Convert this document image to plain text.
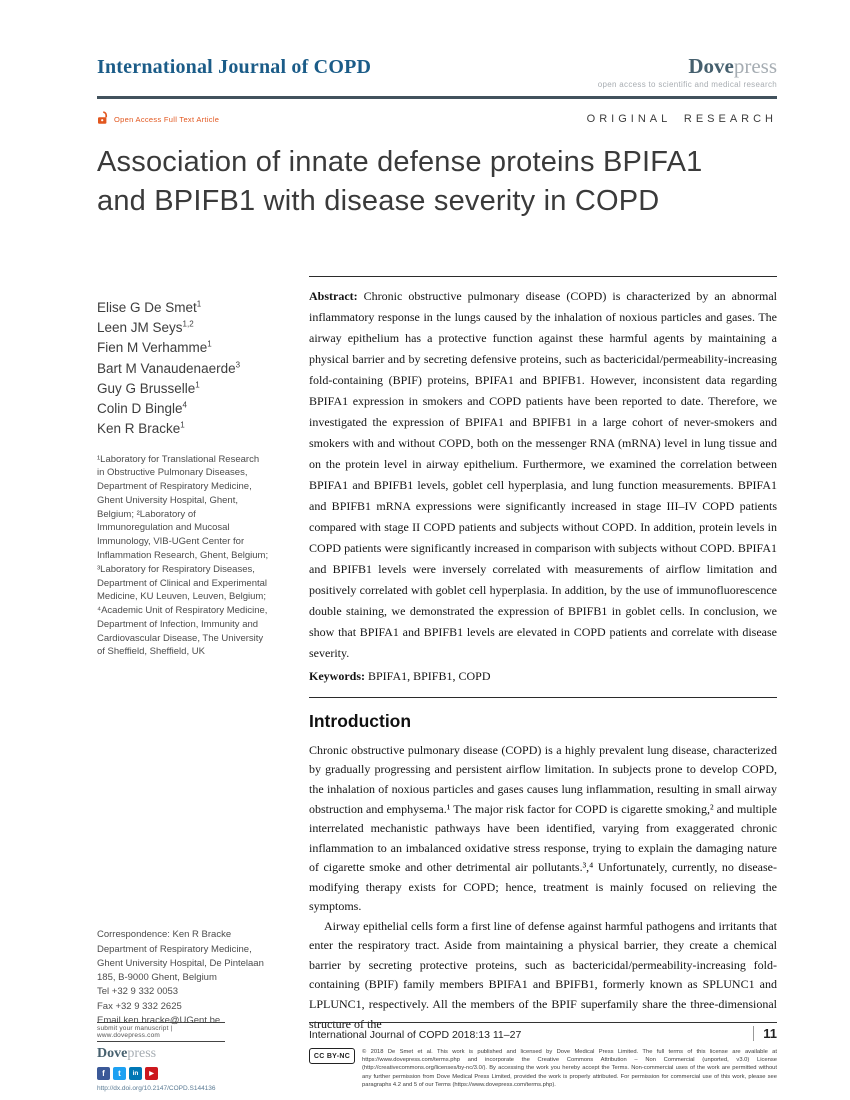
International Journal of COPD	Dovepress
open access to scientific and medical research
Open Access Full Text Article	ORIGINAL RESEARCH
Association of innate defense proteins BPIFA1 and BPIFB1 with disease severity in COPD
Elise G De Smet$^1$
Leen JM Seys$^{1,2}$
Fien M Verhamme$^1$
Bart M Vanaudenaerde$^3$
Guy G Brusselle$^1$
Colin D Bingle$^4$
Ken R Bracke$^1$
¹Laboratory for Translational Research in Obstructive Pulmonary Diseases, Department of Respiratory Medicine, Ghent University Hospital, Ghent, Belgium; ²Laboratory of Immunoregulation and Mucosal Immunology, VIB-UGent Center for Inflammation Research, Ghent, Belgium; ³Laboratory for Respiratory Diseases, Department of Clinical and Experimental Medicine, KU Leuven, Leuven, Belgium; ⁴Academic Unit of Respiratory Medicine, Department of Infection, Immunity and Cardiovascular Disease, The University of Sheffield, Sheffield, UK
Correspondence: Ken R Bracke
Department of Respiratory Medicine, Ghent University Hospital, De Pintelaan 185, B-9000 Ghent, Belgium
Tel +32 9 332 0053
Fax +32 9 332 2625
Email ken.bracke@UGent.be

Abstract: Chronic obstructive pulmonary disease (COPD) is characterized by an abnormal inflammatory response in the lungs caused by the inhalation of noxious particles and gases. The airway epithelium has a protective function against these harmful agents by maintaining a physical barrier and by secreting defensive proteins, such as bactericidal/permeability-increasing fold-containing (BPIF) proteins, BPIFA1 and BPIFB1. However, inconsistent data regarding BPIFA1 expression in smokers and COPD patients have been reported to date. Therefore, we investigated the expression of BPIFA1 and BPIFB1 in a large cohort of never-smokers and smokers with and without COPD, both on the messenger RNA (mRNA) level in lung tissue and on the protein level in airway epithelium. Furthermore, we examined the correlation between BPIFA1 and BPIFB1 levels, goblet cell hyperplasia, and lung function measurements. BPIFA1 and BPIFB1 mRNA expressions were significantly increased in stage III–IV COPD patients compared with stage II COPD patients and subjects without COPD. In addition, protein levels in COPD patients were significantly increased in comparison with subjects without COPD. BPIFA1 and BPIFB1 levels were inversely correlated with measurements of airflow limitation and positively correlated with goblet cell hyperplasia. In addition, by the use of immunofluorescence double staining, we demonstrated the expression of BPIFB1 in goblet cells. In conclusion, we show that BPIFA1 and BPIFB1 levels are elevated in COPD patients and correlate with disease severity.

Keywords: BPIFA1, BPIFB1, COPD

Introduction

Chronic obstructive pulmonary disease (COPD) is a highly prevalent lung disease, characterized by gradually progressing and persistent airflow limitation. In subjects prone to develop COPD, the inhalation of noxious particles and gases causes lung inflammation, resulting in small airway obstruction and emphysema.¹ The major risk factor for COPD is cigarette smoking,² and multiple interrelated mechanistic pathways have been identified, varying from exaggerated chronic inflammation to an imbalanced oxidative stress response, trying to explain the damaging nature of cigarette smoke and other detrimental air pollutants.³,⁴ Unfortunately, currently, no disease-modifying therapy exists for COPD; hence, treatment is mainly focused on relieving the symptoms.

Airway epithelial cells form a first line of defense against harmful pathogens and irritants that enter the respiratory tract. Aside from maintaining a physical barrier, they create a chemical barrier by secreting protective proteins, such as bactericidal/permeability-increasing fold-containing (BPIF) family members BPIFA1 and BPIFB1, formerly known as SPLUNC1 and LPLUNC1, respectively. All the members of the BPIF superfamily share the three-dimensional structure of the

submit your manuscript | www.dovepress.com
Dovepress
f	t	in	▶
http://dx.doi.org/10.2147/COPD.S144136
International Journal of COPD 2018:13 11–27	11
CC BY-NC
© 2018 De Smet et al. This work is published and licensed by Dove Medical Press Limited. The full terms of this license are available at https://www.dovepress.com/terms.php and incorporate the Creative Commons Attribution – Non Commercial (unported, v3.0) License (http://creativecommons.org/licenses/by-nc/3.0/). By accessing the work you hereby accept the Terms. Non-commercial uses of the work are permitted without any further permission from Dove Medical Press Limited, provided the work is properly attributed. For permission for commercial use of this work, please see paragraphs 4.2 and 5 of our Terms (https://www.dovepress.com/terms.php).
